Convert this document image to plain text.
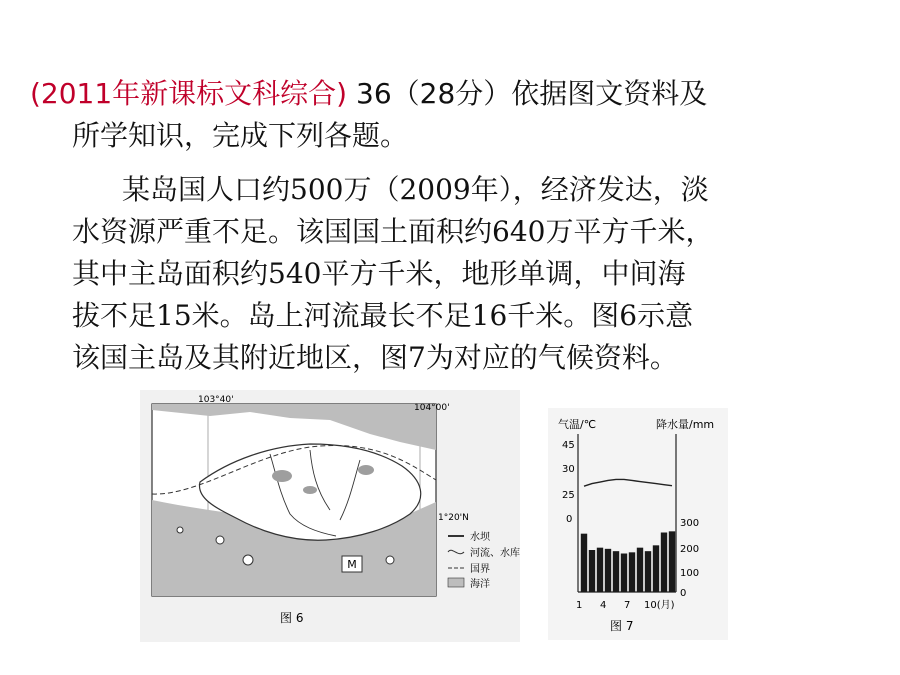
(2011年新课标文科综合) 36（28分）依据图文资料及
所学知识，完成下列各题。
某岛国人口约500万（2009年），经济发达，淡
水资源严重不足。该国国土面积约640万平方千米，
其中主岛面积约540平方千米，地形单调，中间海
拔不足15米。岛上河流最长不足16千米。图6示意
该国主岛及其附近地区，图7为对应的气候资料。
M
103°40'
104°00'
1°20'N
水坝
河流、水库
国界
海洋
图 6
气温/℃	降水量/mm
45
30
25
0	300
200
100
0
1 4 7 10(月)
图 7
